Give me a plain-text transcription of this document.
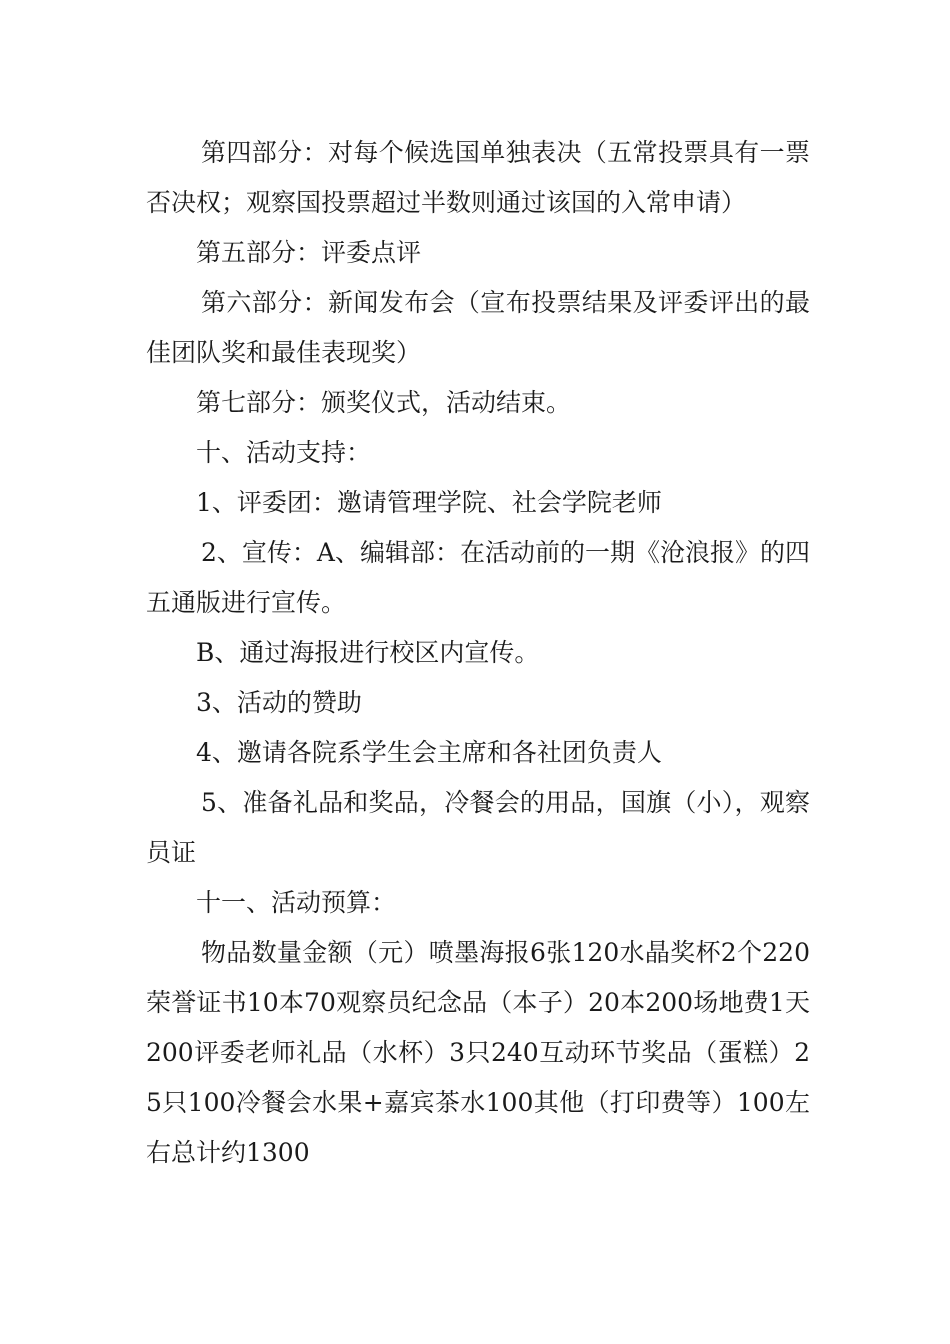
第四部分：对每个候选国单独表决（五常投票具有一票否决权；观察国投票超过半数则通过该国的入常申请）

第五部分：评委点评

第六部分：新闻发布会（宣布投票结果及评委评出的最佳团队奖和最佳表现奖）

第七部分：颁奖仪式，活动结束。

十、活动支持：

1、评委团：邀请管理学院、社会学院老师

2、宣传：A、编辑部：在活动前的一期《沧浪报》的四五通版进行宣传。

B、通过海报进行校区内宣传。

3、活动的赞助

4、邀请各院系学生会主席和各社团负责人

5、准备礼品和奖品，冷餐会的用品，国旗（小），观察员证

十一、活动预算：

物品数量金额（元）喷墨海报6张120水晶奖杯2个220荣誉证书10本70观察员纪念品（本子）20本200场地费1天200评委老师礼品（水杯）3只240互动环节奖品（蛋糕）25只100冷餐会水果+嘉宾茶水100其他（打印费等）100左右总计约1300
